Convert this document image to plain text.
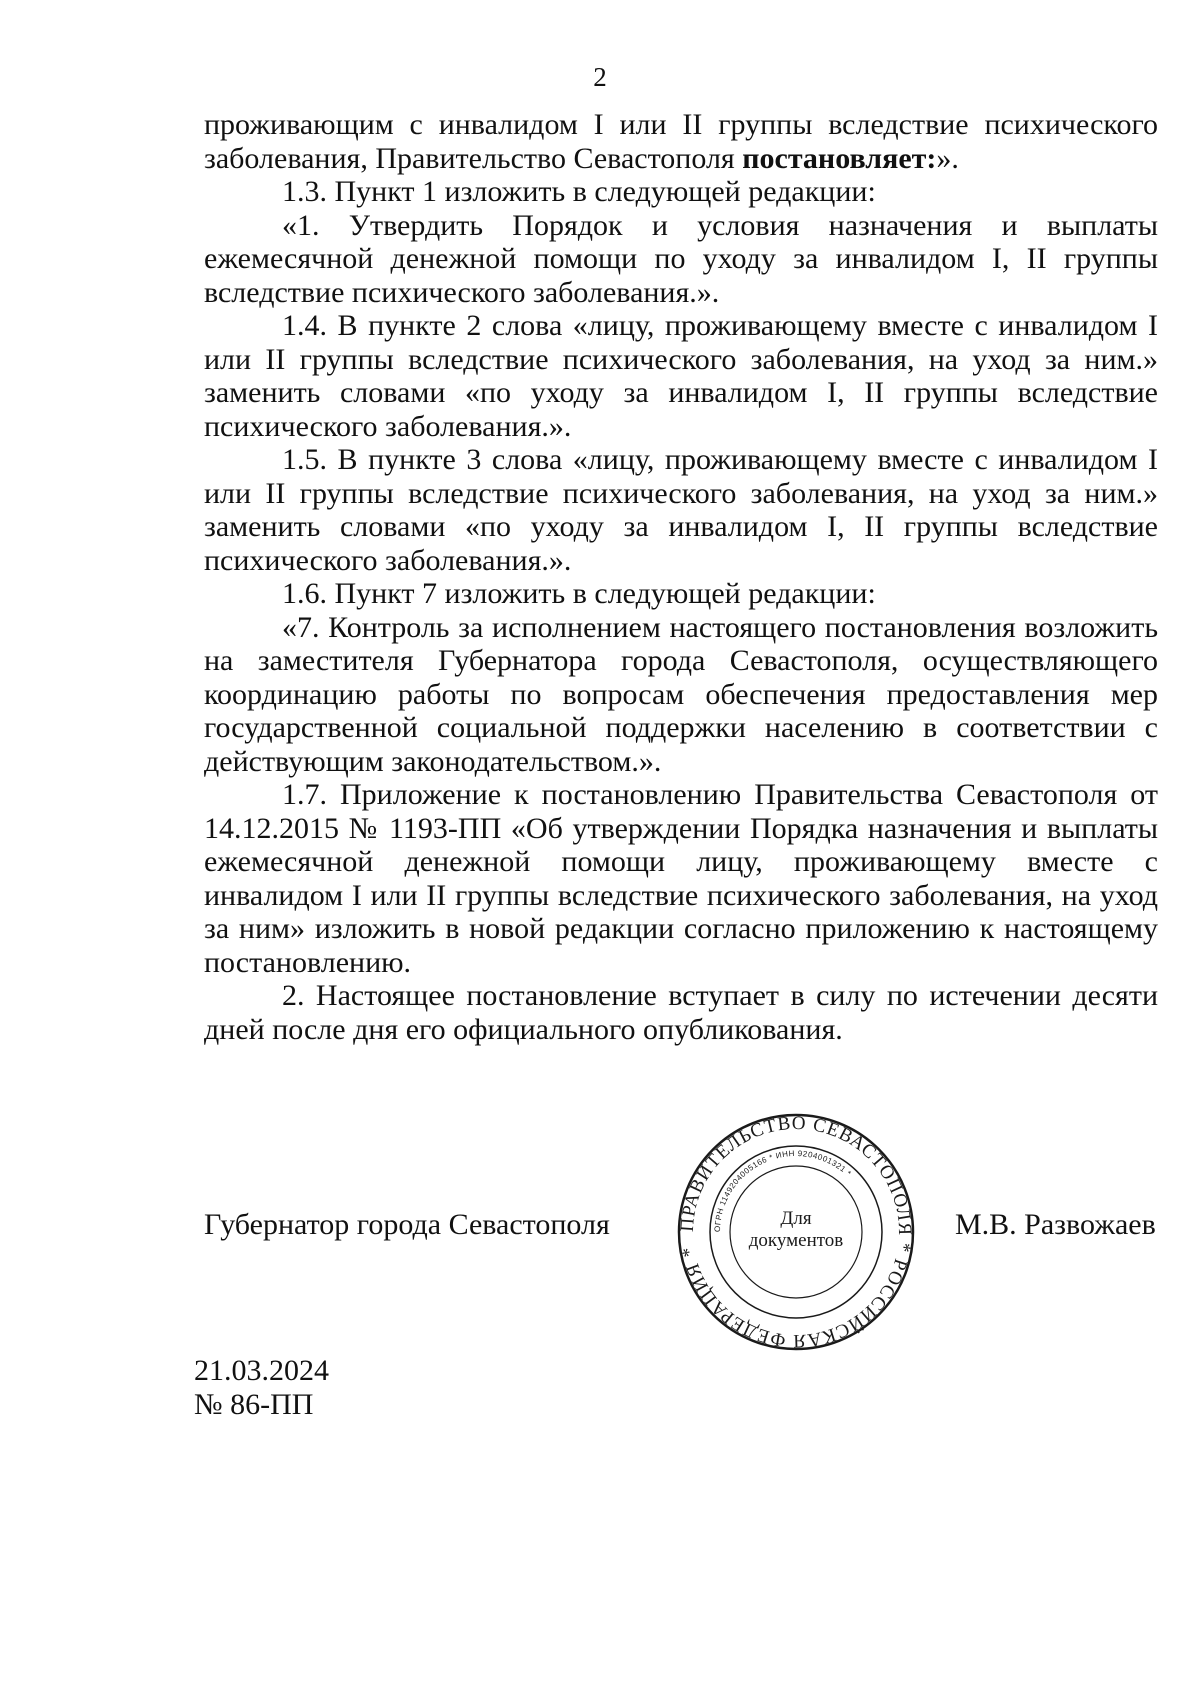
2

проживающим с инвалидом I или II группы вследствие психического заболевания, Правительство Севастополя постановляет:».

1.3. Пункт 1 изложить в следующей редакции:

«1. Утвердить Порядок и условия назначения и выплаты ежемесячной денежной помощи по уходу за инвалидом I, II группы вследствие психического заболевания.».

1.4. В пункте 2 слова «лицу, проживающему вместе с инвалидом I или II группы вследствие психического заболевания, на уход за ним.» заменить словами «по уходу за инвалидом I, II группы вследствие психического заболевания.».

1.5. В пункте 3 слова «лицу, проживающему вместе с инвалидом I или II группы вследствие психического заболевания, на уход за ним.» заменить словами «по уходу за инвалидом I, II группы вследствие психического заболевания.».

1.6. Пункт 7 изложить в следующей редакции:

«7. Контроль за исполнением настоящего постановления возложить на заместителя Губернатора города Севастополя, осуществляющего координацию работы по вопросам обеспечения предоставления мер государственной социальной поддержки населению в соответствии с действующим законодательством.».

1.7. Приложение к постановлению Правительства Севастополя от 14.12.2015 № 1193-ПП «Об утверждении Порядка назначения и выплаты ежемесячной денежной помощи лицу, проживающему вместе с инвалидом I или II группы вследствие психического заболевания, на уход за ним» изложить в новой редакции согласно приложению к настоящему постановлению.

2. Настоящее постановление вступает в силу по истечении десяти дней после дня его официального опубликования.

Губернатор города Севастополя	ПРАВИТЕЛЬСТВО СЕВАСТОПОЛЯ * РОССИЙСКАЯ ФЕДЕРАЦИЯ *
ОГРН 1149204005166 * ИНН 9204001321 *
Для
документов	М.В. Развожаев
21.03.2024
№ 86-ПП
